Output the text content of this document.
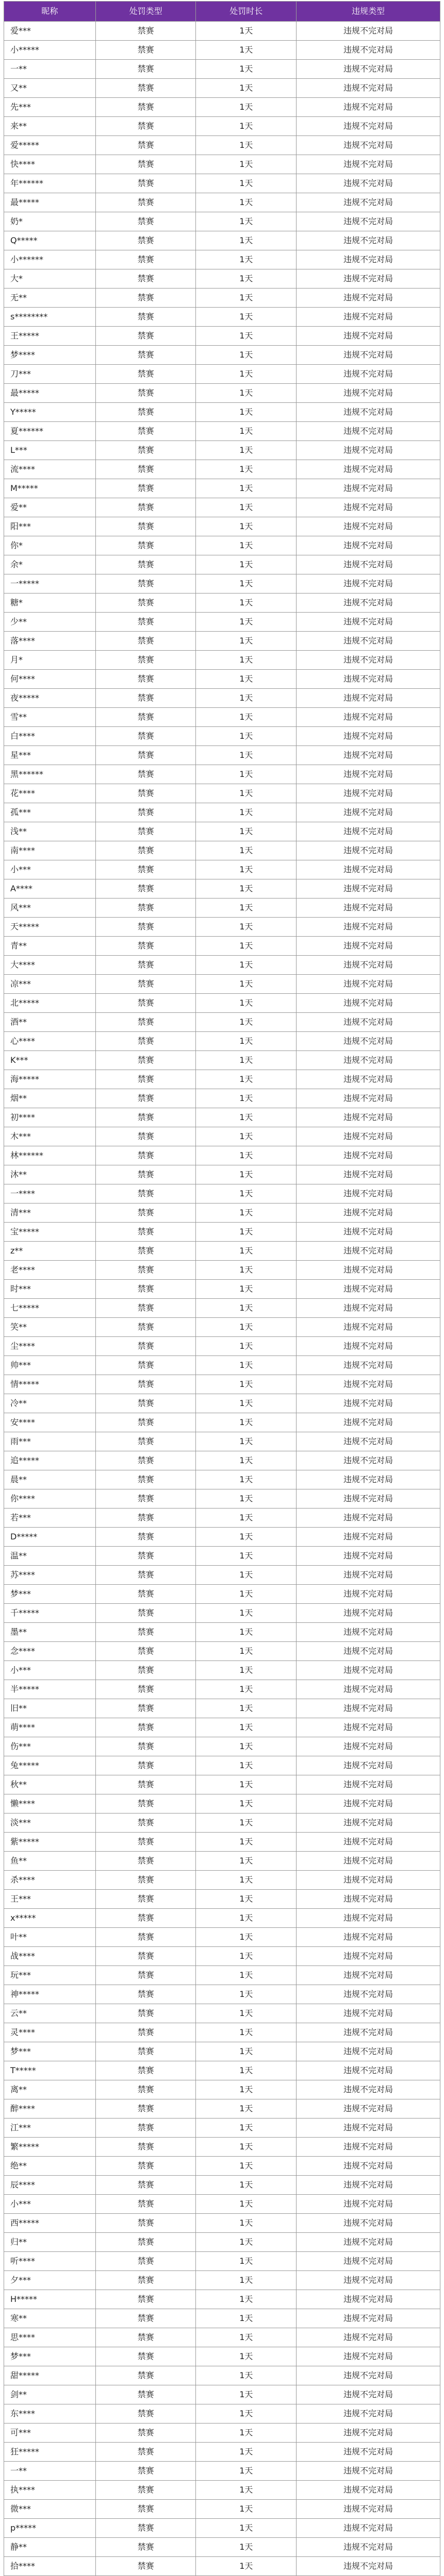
昵称	处罚类型	处罚时长	违规类型
爱***	禁赛	1天	违规不完对局
小*****	禁赛	1天	违规不完对局
一**	禁赛	1天	违规不完对局
又**	禁赛	1天	违规不完对局
先***	禁赛	1天	违规不完对局
来**	禁赛	1天	违规不完对局
爱*****	禁赛	1天	违规不完对局
快****	禁赛	1天	违规不完对局
年******	禁赛	1天	违规不完对局
最*****	禁赛	1天	违规不完对局
奶*	禁赛	1天	违规不完对局
Q*****	禁赛	1天	违规不完对局
小******	禁赛	1天	违规不完对局
大*	禁赛	1天	违规不完对局
无**	禁赛	1天	违规不完对局
s********	禁赛	1天	违规不完对局
王*****	禁赛	1天	违规不完对局
梦****	禁赛	1天	违规不完对局
刀***	禁赛	1天	违规不完对局
最*****	禁赛	1天	违规不完对局
Y*****	禁赛	1天	违规不完对局
夏******	禁赛	1天	违规不完对局
L***	禁赛	1天	违规不完对局
流****	禁赛	1天	违规不完对局
M*****	禁赛	1天	违规不完对局
爱**	禁赛	1天	违规不完对局
阳***	禁赛	1天	违规不完对局
你*	禁赛	1天	违规不完对局
余*	禁赛	1天	违规不完对局
一*****	禁赛	1天	违规不完对局
糖*	禁赛	1天	违规不完对局
少**	禁赛	1天	违规不完对局
落****	禁赛	1天	违规不完对局
月*	禁赛	1天	违规不完对局
何****	禁赛	1天	违规不完对局
夜*****	禁赛	1天	违规不完对局
雪**	禁赛	1天	违规不完对局
白****	禁赛	1天	违规不完对局
星***	禁赛	1天	违规不完对局
黑******	禁赛	1天	违规不完对局
花****	禁赛	1天	违规不完对局
孤***	禁赛	1天	违规不完对局
浅**	禁赛	1天	违规不完对局
南****	禁赛	1天	违规不完对局
小***	禁赛	1天	违规不完对局
A****	禁赛	1天	违规不完对局
风***	禁赛	1天	违规不完对局
天*****	禁赛	1天	违规不完对局
青**	禁赛	1天	违规不完对局
大****	禁赛	1天	违规不完对局
凉***	禁赛	1天	违规不完对局
北*****	禁赛	1天	违规不完对局
酒**	禁赛	1天	违规不完对局
心****	禁赛	1天	违规不完对局
K***	禁赛	1天	违规不完对局
海*****	禁赛	1天	违规不完对局
烟**	禁赛	1天	违规不完对局
初****	禁赛	1天	违规不完对局
木***	禁赛	1天	违规不完对局
林******	禁赛	1天	违规不完对局
沐**	禁赛	1天	违规不完对局
一****	禁赛	1天	违规不完对局
清***	禁赛	1天	违规不完对局
宝*****	禁赛	1天	违规不完对局
z**	禁赛	1天	违规不完对局
老****	禁赛	1天	违规不完对局
时***	禁赛	1天	违规不完对局
七*****	禁赛	1天	违规不完对局
笑**	禁赛	1天	违规不完对局
尘****	禁赛	1天	违规不完对局
帅***	禁赛	1天	违规不完对局
情*****	禁赛	1天	违规不完对局
冷**	禁赛	1天	违规不完对局
安****	禁赛	1天	违规不完对局
雨***	禁赛	1天	违规不完对局
追*****	禁赛	1天	违规不完对局
晨**	禁赛	1天	违规不完对局
你****	禁赛	1天	违规不完对局
若***	禁赛	1天	违规不完对局
D*****	禁赛	1天	违规不完对局
温**	禁赛	1天	违规不完对局
苏****	禁赛	1天	违规不完对局
梦***	禁赛	1天	违规不完对局
千*****	禁赛	1天	违规不完对局
墨**	禁赛	1天	违规不完对局
念****	禁赛	1天	违规不完对局
小***	禁赛	1天	违规不完对局
半*****	禁赛	1天	违规不完对局
旧**	禁赛	1天	违规不完对局
萌****	禁赛	1天	违规不完对局
伤***	禁赛	1天	违规不完对局
兔*****	禁赛	1天	违规不完对局
秋**	禁赛	1天	违规不完对局
懒****	禁赛	1天	违规不完对局
淡***	禁赛	1天	违规不完对局
紫*****	禁赛	1天	违规不完对局
鱼**	禁赛	1天	违规不完对局
杀****	禁赛	1天	违规不完对局
王***	禁赛	1天	违规不完对局
x*****	禁赛	1天	违规不完对局
叶**	禁赛	1天	违规不完对局
战****	禁赛	1天	违规不完对局
玩***	禁赛	1天	违规不完对局
神*****	禁赛	1天	违规不完对局
云**	禁赛	1天	违规不完对局
灵****	禁赛	1天	违规不完对局
梦***	禁赛	1天	违规不完对局
T*****	禁赛	1天	违规不完对局
离**	禁赛	1天	违规不完对局
醉****	禁赛	1天	违规不完对局
江***	禁赛	1天	违规不完对局
繁*****	禁赛	1天	违规不完对局
绝**	禁赛	1天	违规不完对局
辰****	禁赛	1天	违规不完对局
小***	禁赛	1天	违规不完对局
西*****	禁赛	1天	违规不完对局
归**	禁赛	1天	违规不完对局
听****	禁赛	1天	违规不完对局
夕***	禁赛	1天	违规不完对局
H*****	禁赛	1天	违规不完对局
寒**	禁赛	1天	违规不完对局
思****	禁赛	1天	违规不完对局
梦***	禁赛	1天	违规不完对局
甜*****	禁赛	1天	违规不完对局
剑**	禁赛	1天	违规不完对局
东****	禁赛	1天	违规不完对局
可***	禁赛	1天	违规不完对局
狂*****	禁赛	1天	违规不完对局
一**	禁赛	1天	违规不完对局
执****	禁赛	1天	违规不完对局
微***	禁赛	1天	违规不完对局
p*****	禁赛	1天	违规不完对局
静**	禁赛	1天	违规不完对局
拾****	禁赛	1天	违规不完对局
